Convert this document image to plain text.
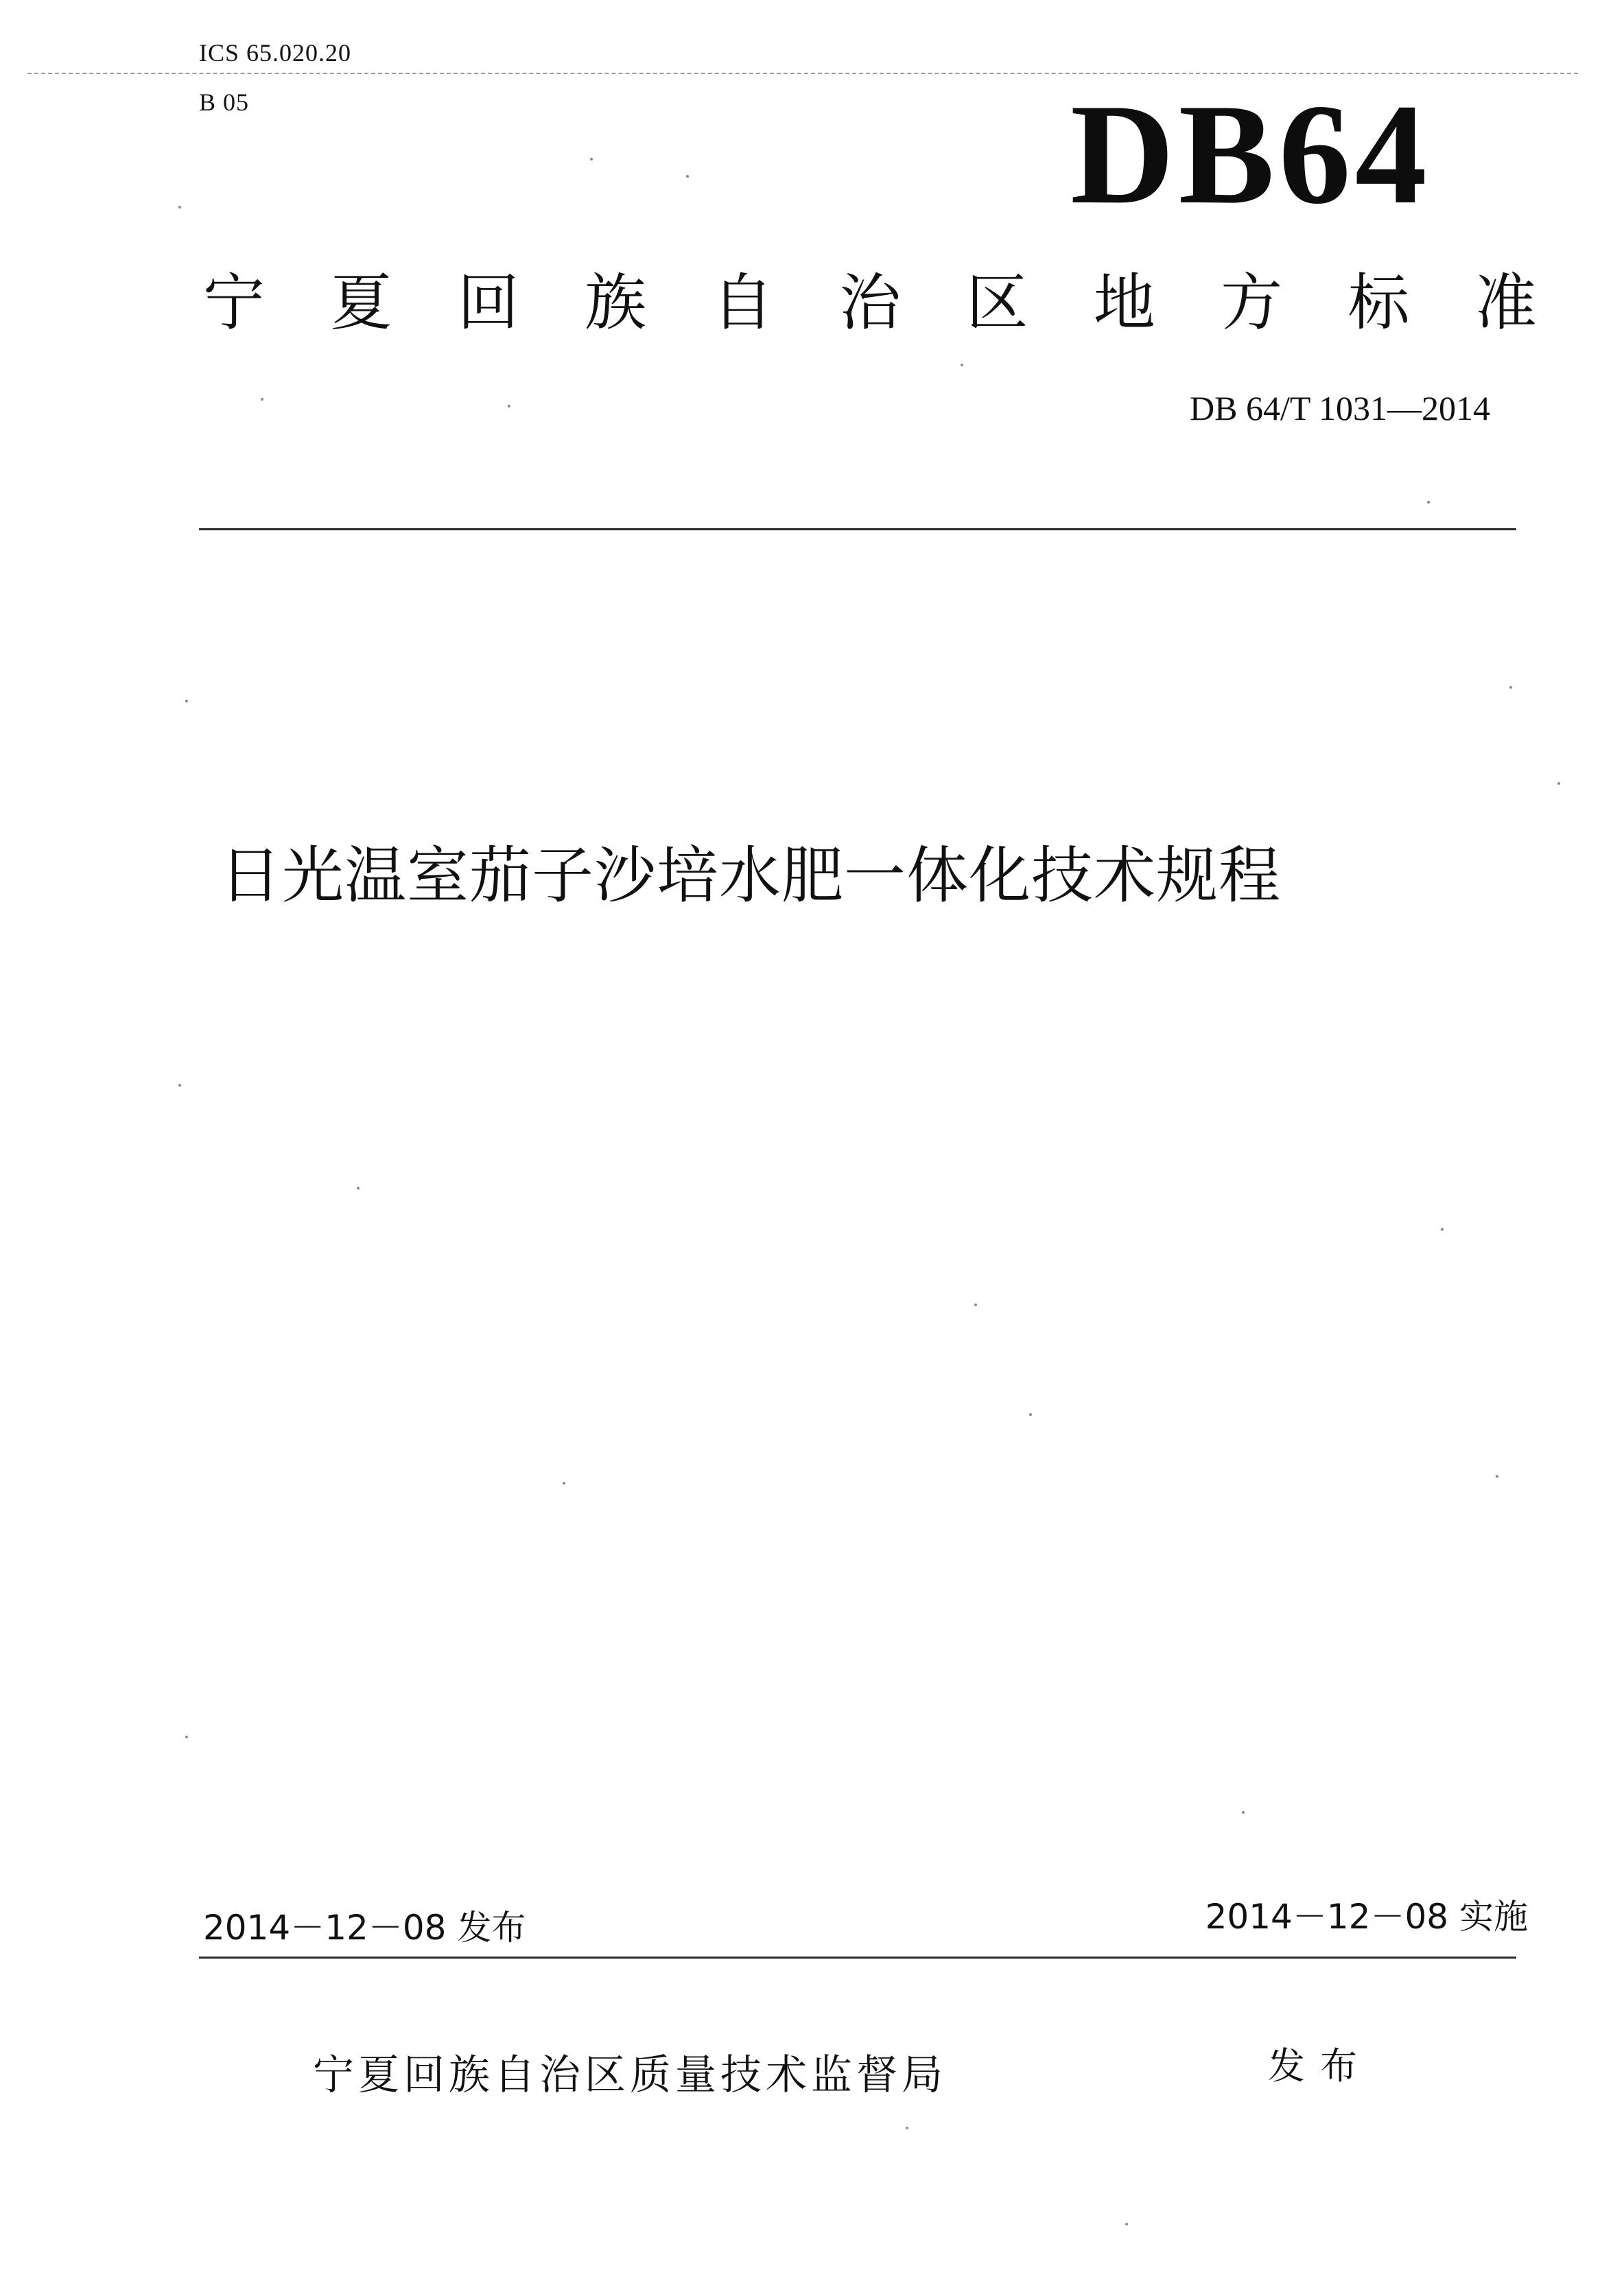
ICS 65.020.20
B 05	DB64
宁 夏 回 族 自 治 区 地 方 标 准
DB 64/T 1031—2014
日光温室茄子沙培水肥一体化技术规程
2014－12－08 发布	2014－12－08 实施
宁夏回族自治区质量技术监督局	发布
